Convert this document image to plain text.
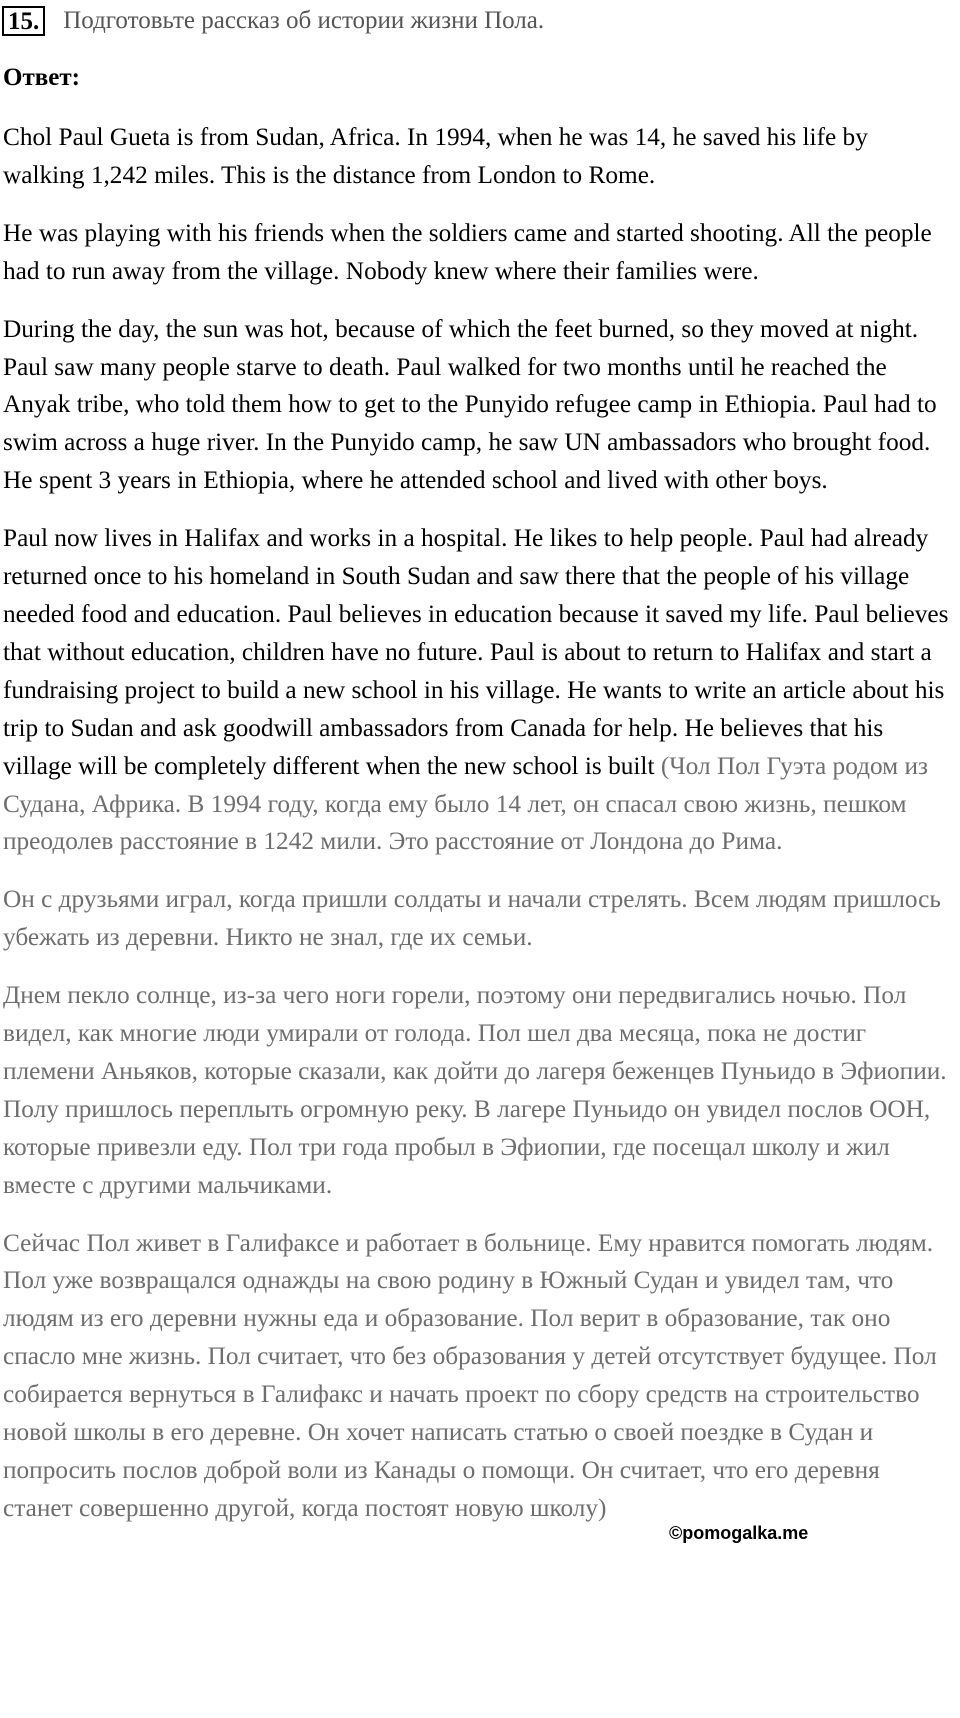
15. Подготовьте рассказ об истории жизни Пола.
Ответ:

Chol Paul Gueta is from Sudan, Africa. In 1994, when he was 14, he saved his life by walking 1,242 miles. This is the distance from London to Rome.

He was playing with his friends when the soldiers came and started shooting. All the people had to run away from the village. Nobody knew where their families were.

During the day, the sun was hot, because of which the feet burned, so they moved at night. Paul saw many people starve to death. Paul walked for two months until he reached the Anyak tribe, who told them how to get to the Punyido refugee camp in Ethiopia. Paul had to swim across a huge river. In the Punyido camp, he saw UN ambassadors who brought food. He spent 3 years in Ethiopia, where he attended school and lived with other boys.

Paul now lives in Halifax and works in a hospital. He likes to help people. Paul had already returned once to his homeland in South Sudan and saw there that the people of his village needed food and education. Paul believes in education because it saved my life. Paul believes that without education, children have no future. Paul is about to return to Halifax and start a fundraising project to build a new school in his village. He wants to write an article about his trip to Sudan and ask goodwill ambassadors from Canada for help. He believes that his village will be completely different when the new school is built (Чол Пол Гуэта родом из Судана, Африка. В 1994 году, когда ему было 14 лет, он спасал свою жизнь, пешком преодолев расстояние в 1242 мили. Это расстояние от Лондона до Рима.

Он с друзьями играл, когда пришли солдаты и начали стрелять. Всем людям пришлось убежать из деревни. Никто не знал, где их семьи.

Днем пекло солнце, из-за чего ноги горели, поэтому они передвигались ночью. Пол видел, как многие люди умирали от голода. Пол шел два месяца, пока не достиг племени Аньяков, которые сказали, как дойти до лагеря беженцев Пуньидо в Эфиопии. Полу пришлось переплыть огромную реку. В лагере Пуньидо он увидел послов ООН, которые привезли еду. Пол три года пробыл в Эфиопии, где посещал школу и жил вместе с другими мальчиками.

Сейчас Пол живет в Галифаксе и работает в больнице. Ему нравится помогать людям. Пол уже возвращался однажды на свою родину в Южный Судан и увидел там, что людям из его деревни нужны еда и образование. Пол верит в образование, так оно спасло мне жизнь. Пол считает, что без образования у детей отсутствует будущее. Пол собирается вернуться в Галифакс и начать проект по сбору средств на строительство новой школы в его деревне. Он хочет написать статью о своей поездке в Судан и попросить послов доброй воли из Канады о помощи. Он считает, что его деревня станет совершенно другой, когда постоят новую школу)

©pomogalka.me
